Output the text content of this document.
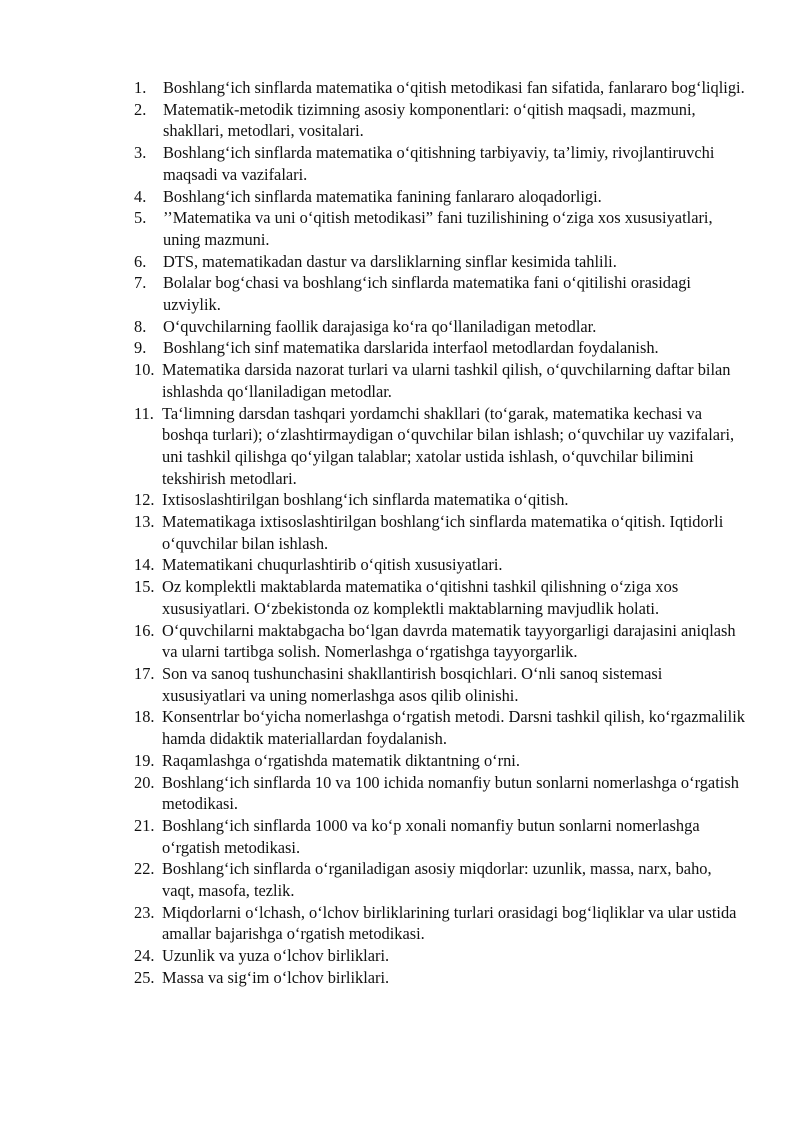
1.	Boshlang‘ich sinflarda matematika o‘qitish metodikasi fan sifatida, fanlararo bog‘liqligi.
2.	Matematik-metodik tizimning asosiy komponentlari: o‘qitish maqsadi, mazmuni, shakllari, metodlari, vositalari.
3.	Boshlang‘ich sinflarda matematika o‘qitishning tarbiyaviy, ta’limiy, rivojlantiruvchi maqsadi va vazifalari.
4.	Boshlang‘ich sinflarda matematika fanining fanlararo aloqadorligi.
5.	’’Matematika va uni o‘qitish metodikasi” fani tuzilishining o‘ziga xos xususiyatlari, uning mazmuni.
6.	DTS, matematikadan dastur va darsliklarning sinflar kesimida tahlili.
7.	Bolalar bog‘chasi va boshlang‘ich sinflarda matematika fani o‘qitilishi orasidagi uzviylik.
8.	O‘quvchilarning faollik darajasiga ko‘ra qo‘llaniladigan metodlar.
9.	Boshlang‘ich sinf matematika darslarida interfaol metodlardan foydalanish.
10. Matematika darsida nazorat turlari va ularni tashkil qilish, o‘quvchilarning daftar bilan ishlashda qo‘llaniladigan metodlar.
11. Ta‘limning darsdan tashqari yordamchi shakllari (to‘garak, matematika kechasi va boshqa turlari); o‘zlashtirmaydigan o‘quvchilar bilan ishlash; o‘quvchilar uy vazifalari, uni tashkil qilishga qo‘yilgan talablar; xatolar ustida ishlash, o‘quvchilar bilimini tekshirish metodlari.
12. Ixtisoslashtirilgan boshlang‘ich sinflarda matematika o‘qitish.
13. Matematikaga ixtisoslashtirilgan boshlang‘ich sinflarda matematika o‘qitish. Iqtidorli o‘quvchilar bilan ishlash.
14. Matematikani chuqurlashtirib o‘qitish xususiyatlari.
15. Oz komplektli maktablarda matematika o‘qitishni tashkil qilishning o‘ziga xos xususiyatlari. O‘zbekistonda oz komplektli maktablarning mavjudlik holati.
16. O‘quvchilarni maktabgacha bo‘lgan davrda matematik tayyorgarligi darajasini aniqlash va ularni tartibga solish. Nomerlashga o‘rgatishga tayyorgarlik.
17. Son va sanoq tushunchasini shakllantirish bosqichlari. O‘nli sanoq sistemasi xususiyatlari va uning nomerlashga asos qilib olinishi.
18. Konsentrlar bo‘yicha nomerlashga o‘rgatish metodi. Darsni tashkil qilish, ko‘rgazmalilik hamda didaktik materiallardan foydalanish.
19. Raqamlashga o‘rgatishda matematik diktantning o‘rni.
20. Boshlang‘ich sinflarda 10 va 100 ichida nomanfiy butun sonlarni nomerlashga o‘rgatish metodikasi.
21. Boshlang‘ich sinflarda 1000 va ko‘p xonali nomanfiy butun sonlarni nomerlashga o‘rgatish metodikasi.
22. Boshlang‘ich sinflarda o‘rganiladigan asosiy miqdorlar: uzunlik, massa, narx, baho, vaqt, masofa, tezlik.
23. Miqdorlarni o‘lchash, o‘lchov birliklarining turlari orasidagi bog‘liqliklar va ular ustida amallar bajarishga o‘rgatish metodikasi.
24. Uzunlik va yuza o‘lchov birliklari.
25. Massa va sig‘im o‘lchov birliklari.
